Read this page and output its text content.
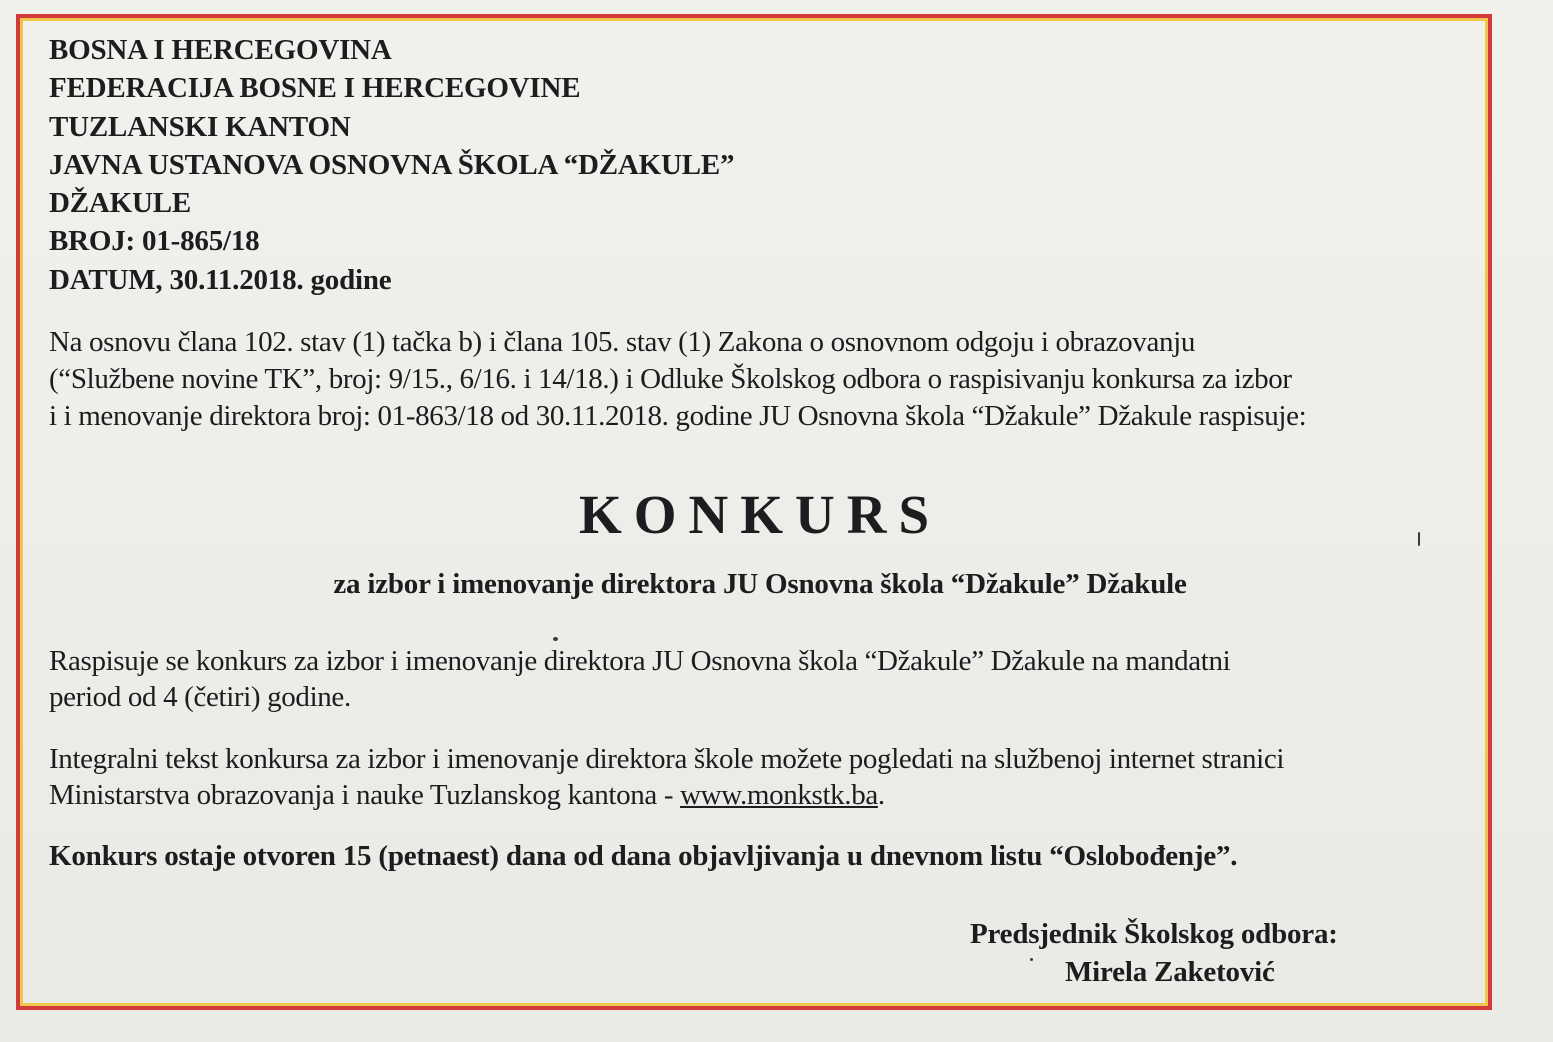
BOSNA I HERCEGOVINA
FEDERACIJA BOSNE I HERCEGOVINE
TUZLANSKI KANTON
JAVNA USTANOVA OSNOVNA ŠKOLA “DŽAKULE”
DŽAKULE
BROJ: 01-865/18
DATUM, 30.11.2018. godine
Na osnovu člana 102. stav (1) tačka b) i člana 105. stav (1) Zakona o osnovnom odgoju i obrazovanju
(“Službene novine TK”, broj: 9/15., 6/16. i 14/18.) i Odluke Školskog odbora o raspisivanju konkursa za izbor
i i menovanje direktora broj: 01-863/18 od 30.11.2018. godine JU Osnovna škola “Džakule” Džakule raspisuje:
KONKURS
za izbor i imenovanje direktora JU Osnovna škola “Džakule” Džakule
Raspisuje se konkurs za izbor i imenovanje direktora JU Osnovna škola “Džakule” Džakule na mandatni
period od 4 (četiri) godine.
Integralni tekst konkursa za izbor i imenovanje direktora škole možete pogledati na službenoj internet stranici
Ministarstva obrazovanja i nauke Tuzlanskog kantona - www.monkstk.ba.
Konkurs ostaje otvoren 15 (petnaest) dana od dana objavljivanja u dnevnom listu “Oslobođenje”.
Predsjednik Školskog odbora:
Mirela Zaketović
